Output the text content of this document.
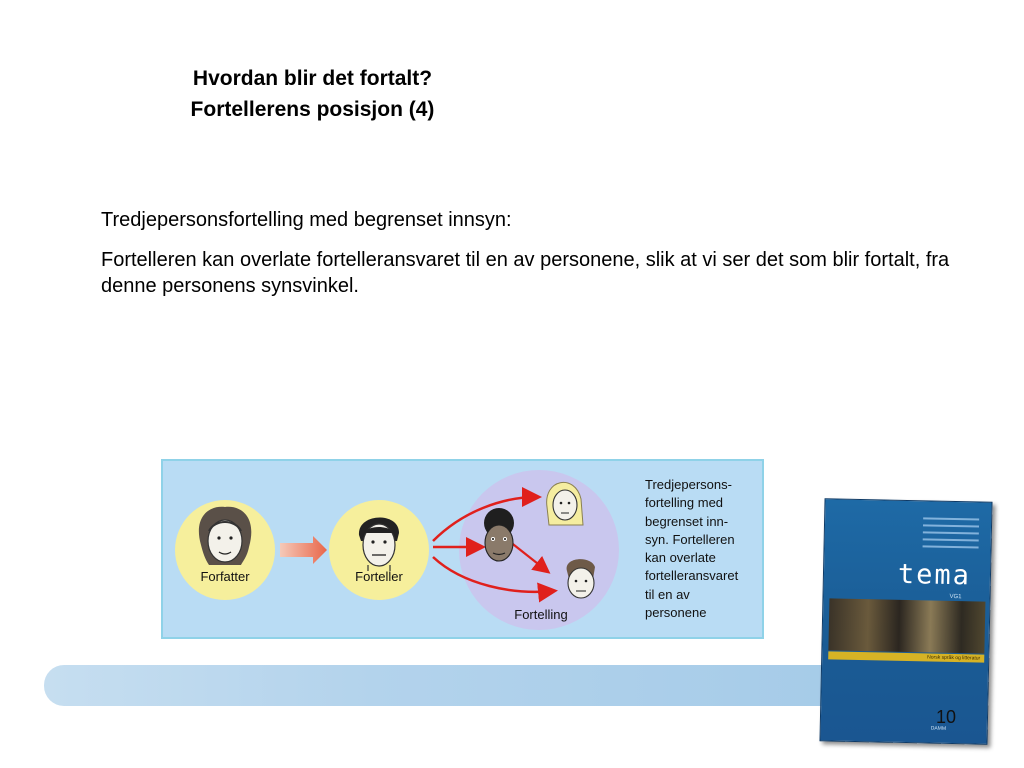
Hvordan blir det fortalt?
Fortellerens posisjon (4)

Tredjepersonsfortelling med begrenset innsyn:

Fortelleren kan overlate fortelleransvaret til en av personene, slik at vi ser det som blir fortalt, fra denne personens synsvinkel.

Forfatter	Forteller
Fortelling
Tredjepersons-
fortelling med
begrenset inn-
syn. Fortelleren
kan overlate
fortelleransvaret
til en av
personene
tema
VG1
Norsk språk og litteratur
DAMM
10
